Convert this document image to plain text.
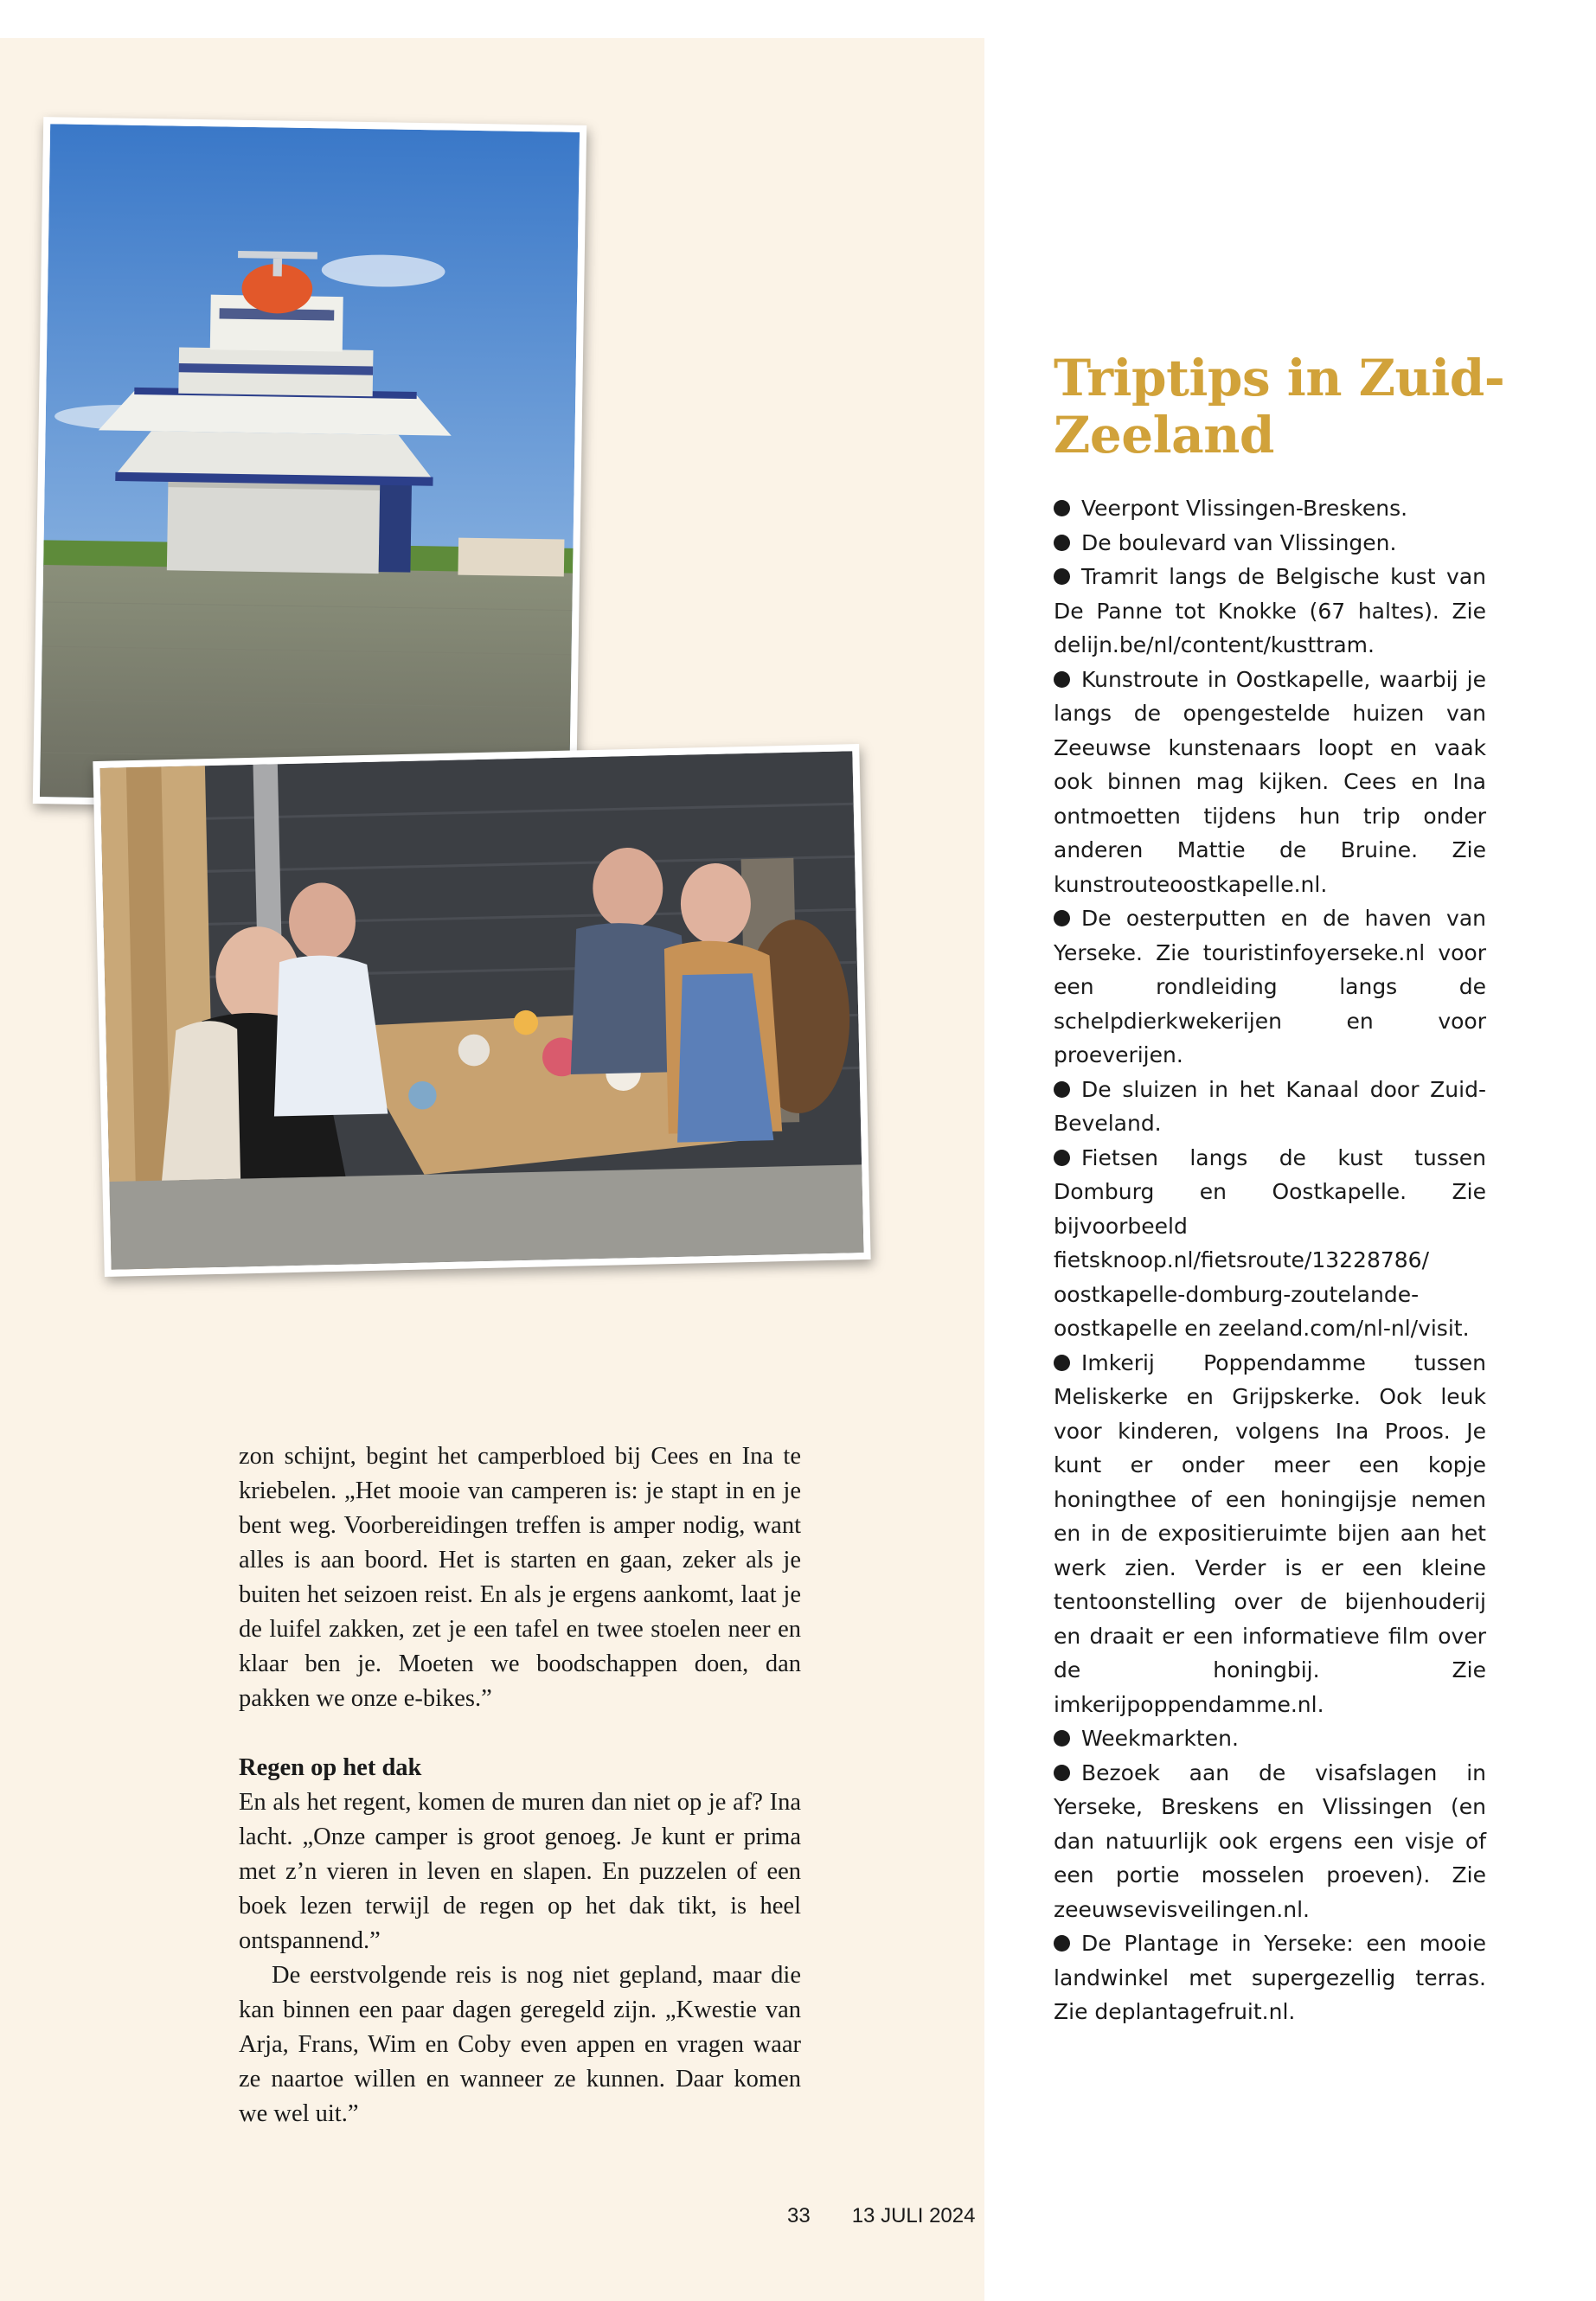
zon schijnt, begint het camperbloed bij Cees en Ina te kriebelen. „Het mooie van camperen is: je stapt in en je bent weg. Voorbereidingen treffen is amper nodig, want alles is aan boord. Het is starten en gaan, zeker als je buiten het seizoen reist. En als je ergens aankomt, laat je de luifel zakken, zet je een tafel en twee stoelen neer en klaar ben je. Moeten we boodschappen doen, dan pakken we onze e-bikes.”

Regen op het dak

En als het regent, komen de muren dan niet op je af? Ina lacht. „Onze camper is groot genoeg. Je kunt er prima met z’n vieren in leven en slapen. En puzzelen of een boek lezen terwijl de regen op het dak tikt, is heel ontspannend.”

De eerstvolgende reis is nog niet gepland, maar die kan binnen een paar dagen geregeld zijn. „Kwestie van Arja, Frans, Wim en Coby even appen en vragen waar ze naartoe willen en wanneer ze kunnen. Daar komen we wel uit.”

Triptips in Zuid-Zeeland
Veerpont Vlissingen-Breskens.
De boulevard van Vlissingen.
Tramrit langs de Belgische kust van De Panne tot Knokke (67 haltes). Zie delijn.be/nl/content/kusttram.
Kunstroute in Oostkapelle, waarbij je langs de opengestelde huizen van Zeeuwse kunstenaars loopt en vaak ook binnen mag kijken. Cees en Ina ontmoetten tijdens hun trip onder anderen Mattie de Bruine. Zie kunstrouteoostkapelle.nl.
De oesterputten en de haven van Yerseke. Zie touristinfoyerseke.nl voor een rondleiding langs de schelpdierkwekerijen en voor proeverijen.
De sluizen in het Kanaal door Zuid-Beveland.
Fietsen langs de kust tussen Domburg en Oostkapelle. Zie bijvoorbeeld fietsknoop.nl/fietsroute/13228786/ oostkapelle-domburg-zoutelande-oostkapelle en zeeland.com/nl-nl/visit.
Imkerij Poppendamme tussen Meliskerke en Grijpskerke. Ook leuk voor kinderen, volgens Ina Proos. Je kunt er onder meer een kopje honingthee of een honingijsje nemen en in de expositieruimte bijen aan het werk zien. Verder is er een kleine tentoonstelling over de bijenhouderij en draait er een informatieve film over de honingbij. Zie imkerijpoppendamme.nl.
Weekmarkten.
Bezoek aan de visafslagen in Yerseke, Breskens en Vlissingen (en dan natuurlijk ook ergens een visje of een portie mosselen proeven). Zie zeeuwsevisveilingen.nl.
De Plantage in Yerseke: een mooie landwinkel met supergezellig terras. Zie deplantagefruit.nl.
33 13 JULI 2024
